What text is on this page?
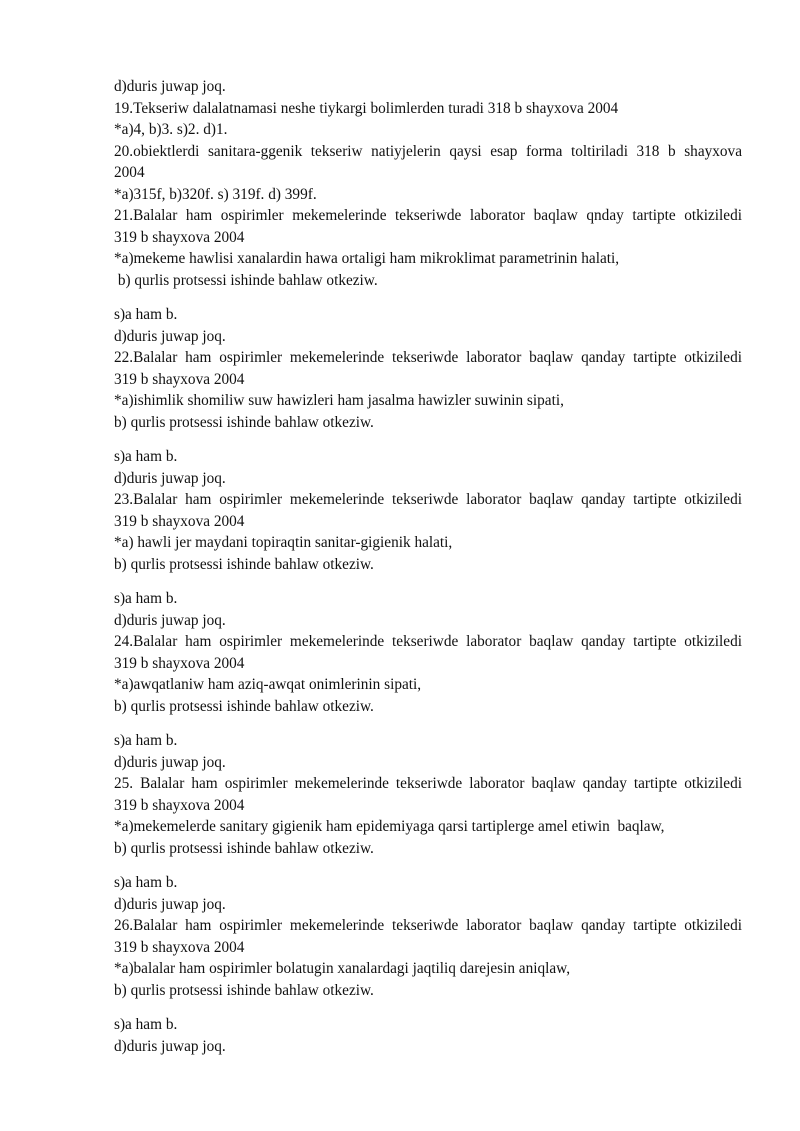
d)duris juwap joq.
19.Tekseriw dalalatnamasi neshe tiykargi bolimlerden turadi 318 b shayxova 2004
*a)4, b)3. s)2. d)1.
20.obiektlerdi sanitara-ggenik tekseriw natiyjelerin qaysi esap forma toltiriladi 318 b shayxova
2004
*a)315f, b)320f. s) 319f. d) 399f.
21.Balalar ham ospirimler mekemelerinde tekseriwde laborator baqlaw qnday tartipte otkiziledi
319 b shayxova 2004
*a)mekeme hawlisi xanalardin hawa ortaligi ham mikroklimat parametrinin halati,
b) qurlis protsessi ishinde bahlaw otkeziw.
s)a ham b.
d)duris juwap joq.
22.Balalar ham ospirimler mekemelerinde tekseriwde laborator baqlaw qanday tartipte otkiziledi
319 b shayxova 2004
*a)ishimlik shomiliw suw hawizleri ham jasalma hawizler suwinin sipati,
b) qurlis protsessi ishinde bahlaw otkeziw.
s)a ham b.
d)duris juwap joq.
23.Balalar ham ospirimler mekemelerinde tekseriwde laborator baqlaw qanday tartipte otkiziledi
319 b shayxova 2004
*a) hawli jer maydani topiraqtin sanitar-gigienik halati,
b) qurlis protsessi ishinde bahlaw otkeziw.
s)a ham b.
d)duris juwap joq.
24.Balalar ham ospirimler mekemelerinde tekseriwde laborator baqlaw qanday tartipte otkiziledi
319 b shayxova 2004
*a)awqatlaniw ham aziq-awqat onimlerinin sipati,
b) qurlis protsessi ishinde bahlaw otkeziw.
s)a ham b.
d)duris juwap joq.
25. Balalar ham ospirimler mekemelerinde tekseriwde laborator baqlaw qanday tartipte otkiziledi
319 b shayxova 2004
*a)mekemelerde sanitary gigienik ham epidemiyaga qarsi tartiplerge amel etiwin  baqlaw,
b) qurlis protsessi ishinde bahlaw otkeziw.
s)a ham b.
d)duris juwap joq.
26.Balalar ham ospirimler mekemelerinde tekseriwde laborator baqlaw qanday tartipte otkiziledi
319 b shayxova 2004
*a)balalar ham ospirimler bolatugin xanalardagi jaqtiliq darejesin aniqlaw,
b) qurlis protsessi ishinde bahlaw otkeziw.
s)a ham b.
d)duris juwap joq.
